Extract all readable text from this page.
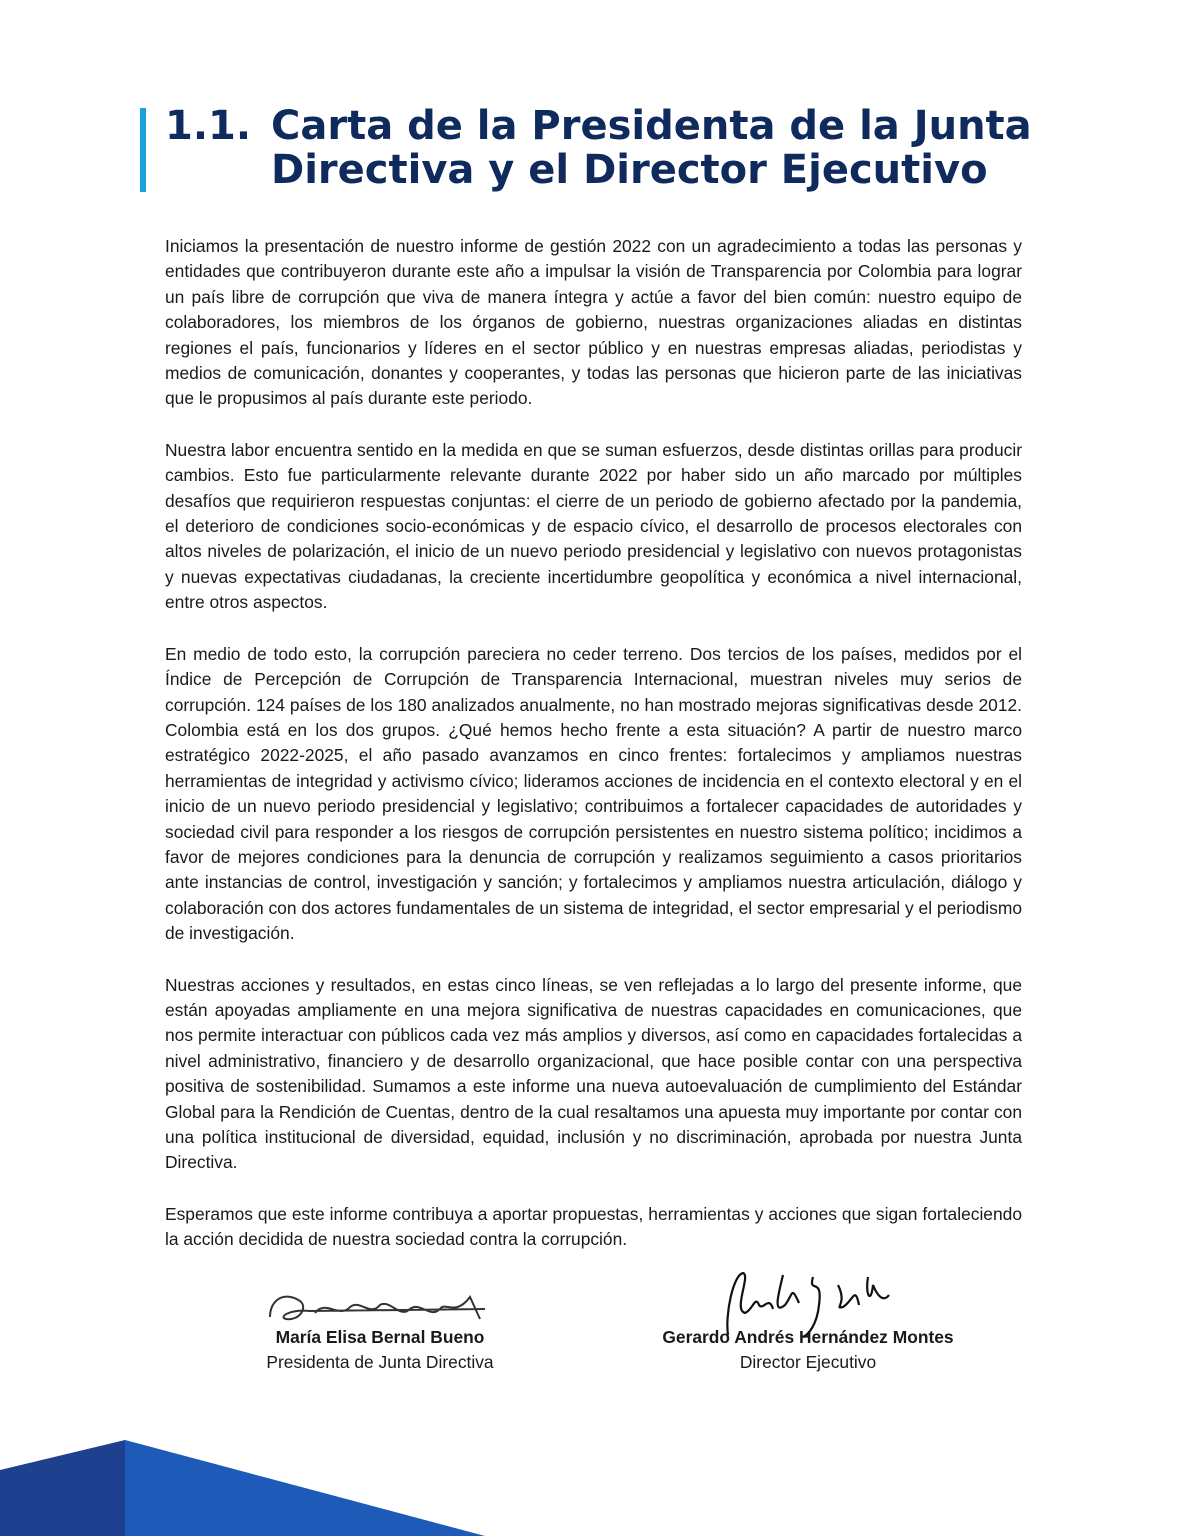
1.1. Carta de la Presidenta de la Junta Directiva y el Director Ejecutivo

Iniciamos la presentación de nuestro informe de gestión 2022 con un agradecimiento a todas las personas y entidades que contribuyeron durante este año a impulsar la visión de Transparencia por Colombia para lograr un país libre de corrupción que viva de manera íntegra y actúe a favor del bien común: nuestro equipo de colaboradores, los miembros de los órganos de gobierno, nuestras organizaciones aliadas en distintas regiones el país, funcionarios y líderes en el sector público y en nuestras empresas aliadas, periodistas y medios de comunicación, donantes y cooperantes, y todas las personas que hicieron parte de las iniciativas que le propusimos al país durante este periodo.

Nuestra labor encuentra sentido en la medida en que se suman esfuerzos, desde distintas orillas para producir cambios. Esto fue particularmente relevante durante 2022 por haber sido un año marcado por múltiples desafíos que requirieron respuestas conjuntas: el cierre de un periodo de gobierno afectado por la pandemia, el deterioro de condiciones socio-económicas y de espacio cívico, el desarrollo de procesos electorales con altos niveles de polarización, el inicio de un nuevo periodo presidencial y legislativo con nuevos protagonistas y nuevas expectativas ciudadanas, la creciente incertidumbre geopolítica y económica a nivel internacional, entre otros aspectos.

En medio de todo esto, la corrupción pareciera no ceder terreno. Dos tercios de los países, medidos por el Índice de Percepción de Corrupción de Transparencia Internacional, muestran niveles muy serios de corrupción. 124 países de los 180 analizados anualmente, no han mostrado mejoras significativas desde 2012. Colombia está en los dos grupos. ¿Qué hemos hecho frente a esta situación? A partir de nuestro marco estratégico 2022-2025, el año pasado avanzamos en cinco frentes: fortalecimos y ampliamos nuestras herramientas de integridad y activismo cívico; lideramos acciones de incidencia en el contexto electoral y en el inicio de un nuevo periodo presidencial y legislativo; contribuimos a fortalecer capacidades de autoridades y sociedad civil para responder a los riesgos de corrupción persistentes en nuestro sistema político; incidimos a favor de mejores condiciones para la denuncia de corrupción y realizamos seguimiento a casos prioritarios ante instancias de control, investigación y sanción; y fortalecimos y ampliamos nuestra articulación, diálogo y colaboración con dos actores fundamentales de un sistema de integridad, el sector empresarial y el periodismo de investigación.

Nuestras acciones y resultados, en estas cinco líneas, se ven reflejadas a lo largo del presente informe, que están apoyadas ampliamente en una mejora significativa de nuestras capacidades en comunicaciones, que nos permite interactuar con públicos cada vez más amplios y diversos, así como en capacidades fortalecidas a nivel administrativo, financiero y de desarrollo organizacional, que hace posible contar con una perspectiva positiva de sostenibilidad. Sumamos a este informe una nueva autoevaluación de cumplimiento del Estándar Global para la Rendición de Cuentas, dentro de la cual resaltamos una apuesta muy importante por contar con una política institucional de diversidad, equidad, inclusión y no discriminación, aprobada por nuestra Junta Directiva.

Esperamos que este informe contribuya a aportar propuestas, herramientas y acciones que sigan fortaleciendo la acción decidida de nuestra sociedad contra la corrupción.

María Elisa Bernal Bueno
Presidenta de Junta Directiva
Gerardo Andrés Hernández Montes
Director Ejecutivo
